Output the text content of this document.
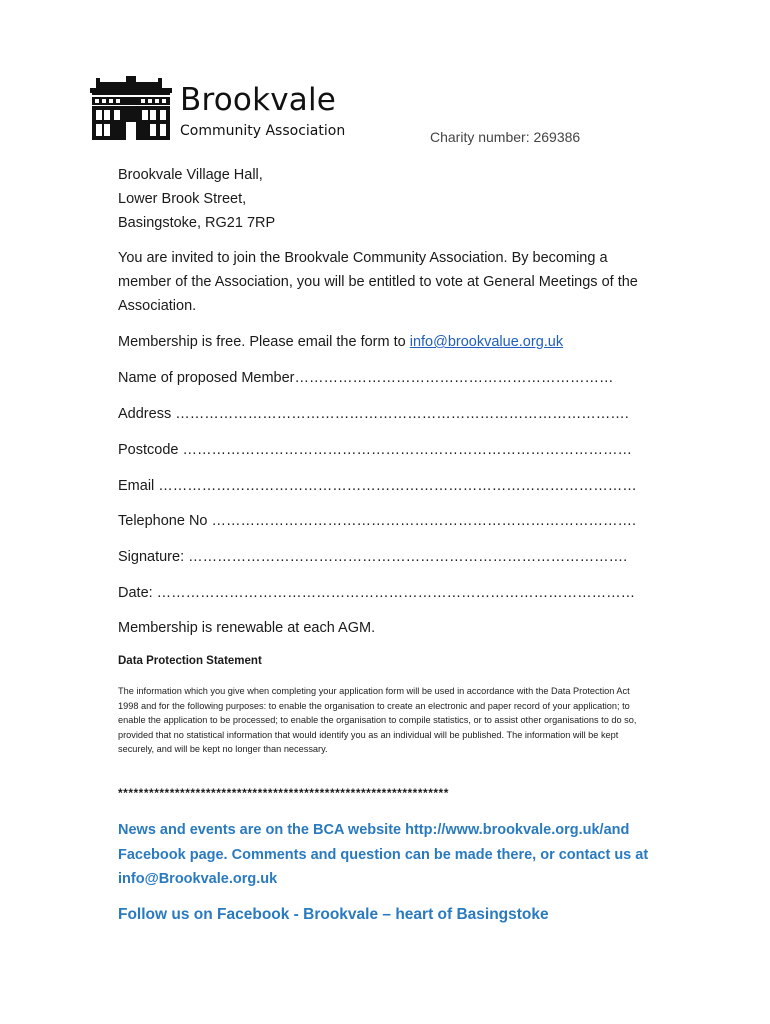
Brookvale
Community Association	Charity number: 269386
Brookvale Village Hall,
Lower Brook Street,
Basingstoke, RG21 7RP
You are invited to join the Brookvale Community Association. By becoming a member of the Association, you will be entitled to vote at General Meetings of the Association.
Membership is free. Please email the form to info@brookvalue.org.uk
Name of proposed Member…………………………………………………………
Address ………………………………………………………………………………….
Postcode …………………………………………………………………………………
Email ………………………………………………………………………………………
Telephone No …………………………………………………………………………….
Signature: ……………………………………………………………………………….
Date: ………………………………………………………………………………………
Membership is renewable at each AGM.
Data Protection Statement
The information which you give when completing your application form will be used in accordance with the Data Protection Act 1998 and for the following purposes: to enable the organisation to create an electronic and paper record of your application; to enable the application to be processed; to enable the organisation to compile statistics, or to assist other organisations to do so, provided that no statistical information that would identify you as an individual will be published. The information will be kept securely, and will be kept no longer than necessary.
****************************************************************
News and events are on the BCA website http://www.brookvale.org.uk/and Facebook page. Comments and question can be made there, or contact us at info@Brookvale.org.uk
Follow us on Facebook - Brookvale – heart of Basingstoke
